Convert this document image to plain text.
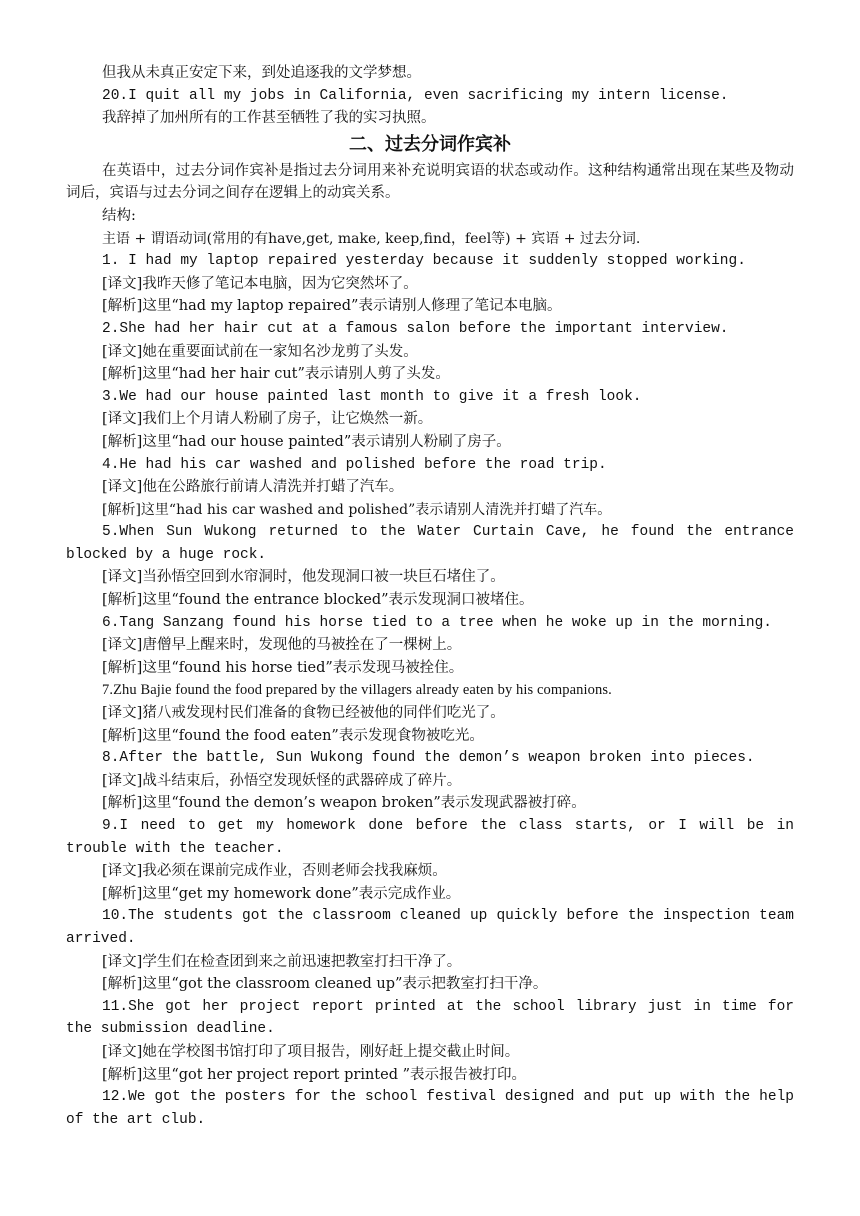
但我从未真正安定下来，到处追逐我的文学梦想。
20.I quit all my jobs in California, even sacrificing my intern license.
我辞掉了加州所有的工作甚至牺牲了我的实习执照。
二、过去分词作宾补
在英语中，过去分词作宾补是指过去分词用来补充说明宾语的状态或动作。这种结构通常出现在某些及物动词后，宾语与过去分词之间存在逻辑上的动宾关系。
结构:
主语 + 谓语动词(常用的有have,get, make, keep,find，feel等) + 宾语 + 过去分词.
1. I had my laptop repaired yesterday because it suddenly stopped working.
[译文]我昨天修了笔记本电脑，因为它突然坏了。
[解析]这里“had my laptop repaired”表示请别人修理了笔记本电脑。
2.She had her hair cut at a famous salon before the important interview.
[译文]她在重要面试前在一家知名沙龙剪了头发。
[解析]这里“had her hair cut”表示请别人剪了头发。
3.We had our house painted last month to give it a fresh look.
[译文]我们上个月请人粉刷了房子，让它焕然一新。
[解析]这里“had our house painted”表示请别人粉刷了房子。
4.He had his car washed and polished before the road trip.
[译文]他在公路旅行前请人清洗并打蜡了汽车。
[解析]这里“had his car washed and polished”表示请别人清洗并打蜡了汽车。
5.When Sun Wukong returned to the Water Curtain Cave, he found the entrance blocked by a huge rock.
[译文]当孙悟空回到水帘洞时，他发现洞口被一块巨石堵住了。
[解析]这里“found the entrance blocked”表示发现洞口被堵住。
6.Tang Sanzang found his horse tied to a tree when he woke up in the morning.
[译文]唐僧早上醒来时，发现他的马被拴在了一棵树上。
[解析]这里“found his horse tied”表示发现马被拴住。
7.Zhu Bajie found the food prepared by the villagers already eaten by his companions.
[译文]猪八戒发现村民们准备的食物已经被他的同伴们吃光了。
[解析]这里“found the food eaten”表示发现食物被吃光。
8.After the battle, Sun Wukong found the demon’s weapon broken into pieces.
[译文]战斗结束后，孙悟空发现妖怪的武器碎成了碎片。
[解析]这里“found the demon’s weapon broken”表示发现武器被打碎。
9.I need to get my homework done before the class starts, or I will be in trouble with the teacher.
[译文]我必须在课前完成作业，否则老师会找我麻烦。
[解析]这里“get my homework done”表示完成作业。
10.The students got the classroom cleaned up quickly before the inspection team arrived.
[译文]学生们在检查团到来之前迅速把教室打扫干净了。
[解析]这里“got the classroom cleaned up”表示把教室打扫干净。
11.She got her project report printed at the school library just in time for the submission deadline.
[译文]她在学校图书馆打印了项目报告，刚好赶上提交截止时间。
[解析]这里“got her project report printed ”表示报告被打印。
12.We got the posters for the school festival designed and put up with the help of the art club.
